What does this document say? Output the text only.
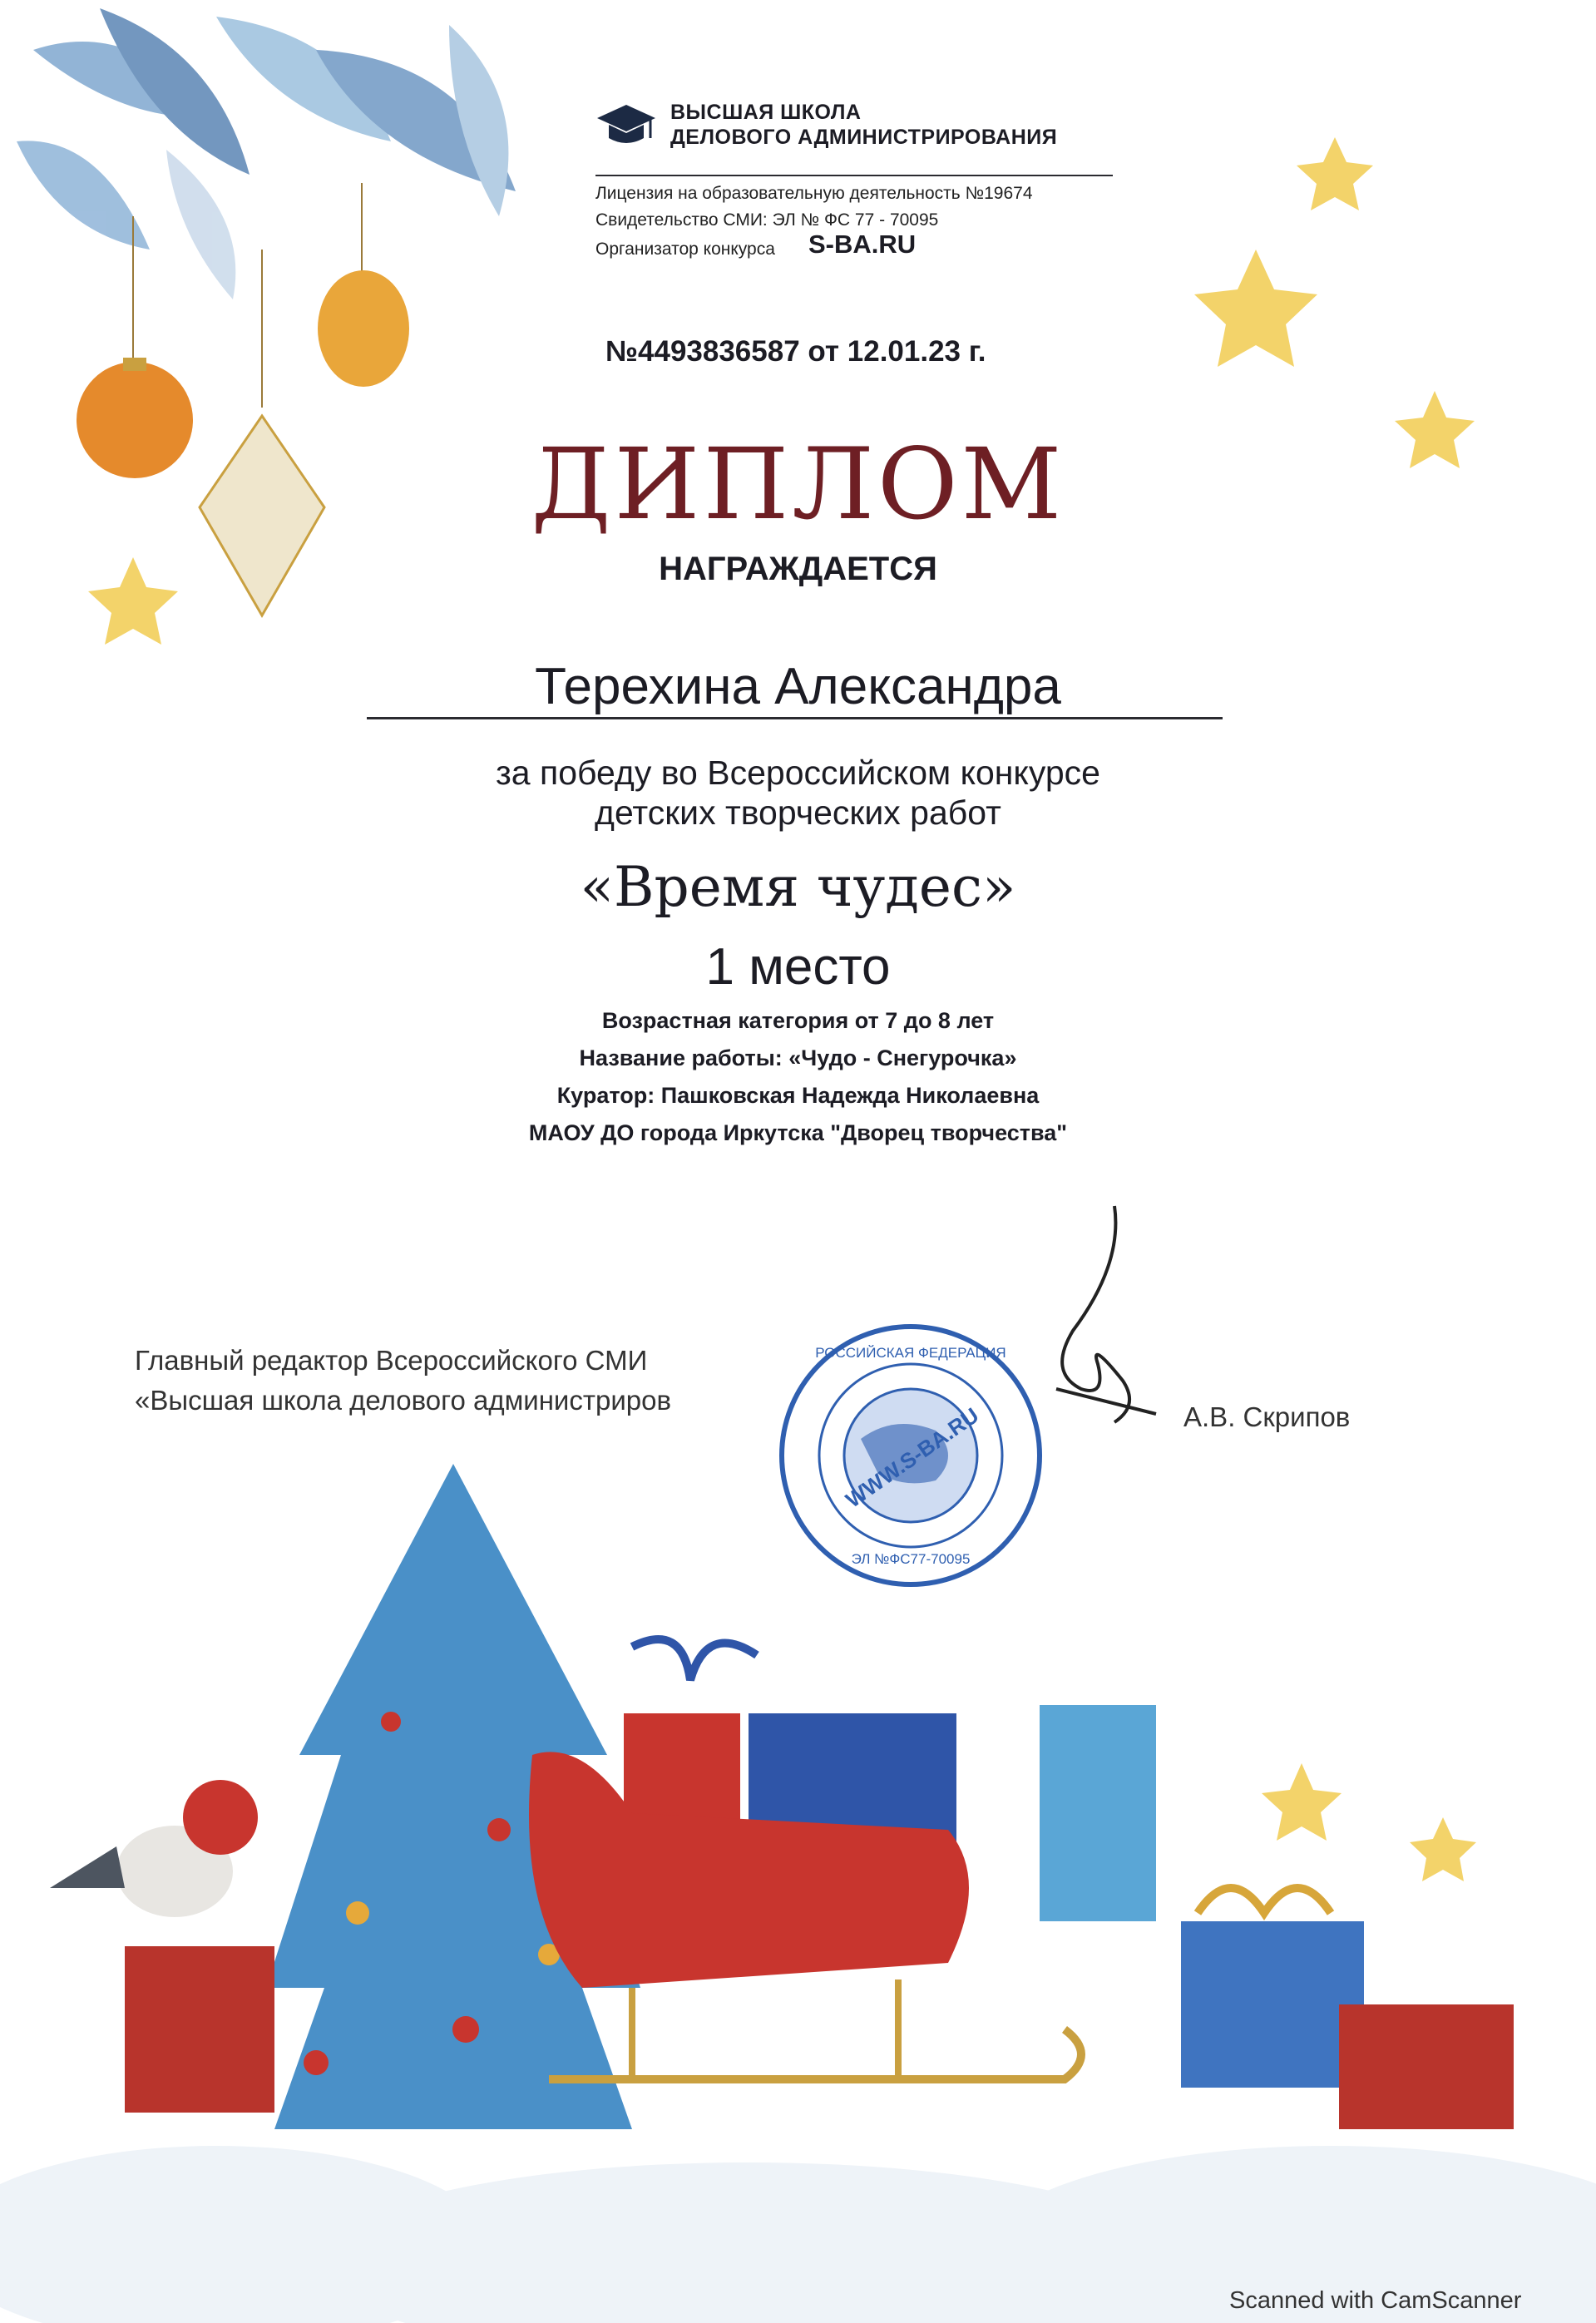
ВЫСШАЯ ШКОЛА
ДЕЛОВОГО АДМИНИСТРИРОВАНИЯ
Лицензия на образовательную деятельность №19674
Свидетельство СМИ: ЭЛ № ФС 77 - 70095
Организатор конкурса S-BA.RU
№4493836587 от 12.01.23 г.
ДИПЛОМ
НАГРАЖДАЕТСЯ
Терехина Александра
за победу во Всероссийском конкурсе
детских творческих работ
«Время чудес»
1 место
Возрастная категория от 7 до 8 лет
Название работы: «Чудо - Снегурочка»
Куратор: Пашковская Надежда Николаевна
МАОУ ДО города Иркутска "Дворец творчества"
Главный редактор Всероссийского СМИ
«Высшая школа делового администриров
WWW.S-BA.RU
РОССИЙСКАЯ ФЕДЕРАЦИЯ
ЭЛ №ФС77-70095
А.В. Скрипов
Scanned with CamScanner
